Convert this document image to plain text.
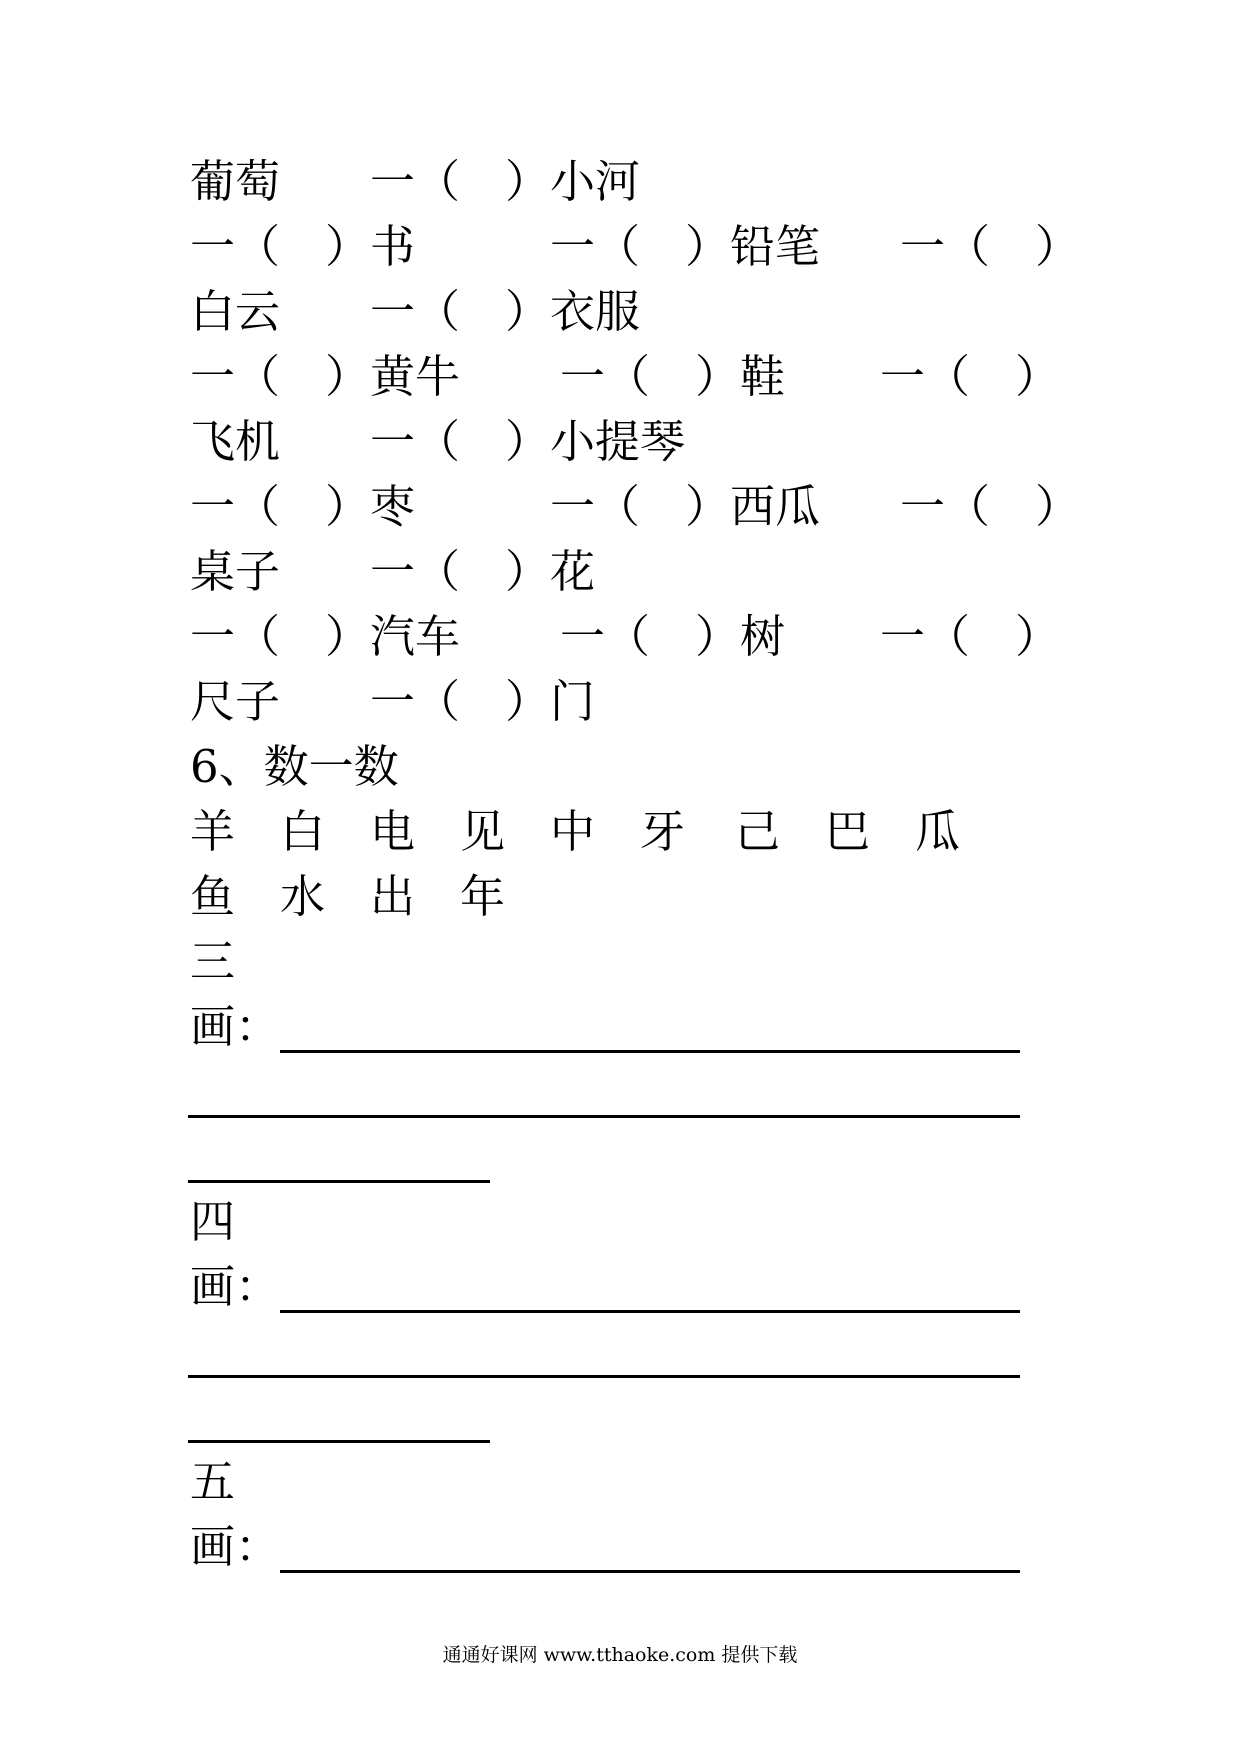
葡萄 一（　）小河
一（　）书	一（　）铅笔 一（　）
白云 一（　）衣服
一（　）黄牛 一（　）鞋 一（　）
飞机 一（　）小提琴
一（　）枣	一（　）西瓜 一（　）
桌子 一（　）花
一（　）汽车 一（　）树 一（　）
尺子 一（　）门
6、数一数
羊 白 电 见 中 牙 己 巴 瓜
鱼 水 出 年
三
画：
四
画：
五
画：
通通好课网 www.tthaoke.com 提供下载
